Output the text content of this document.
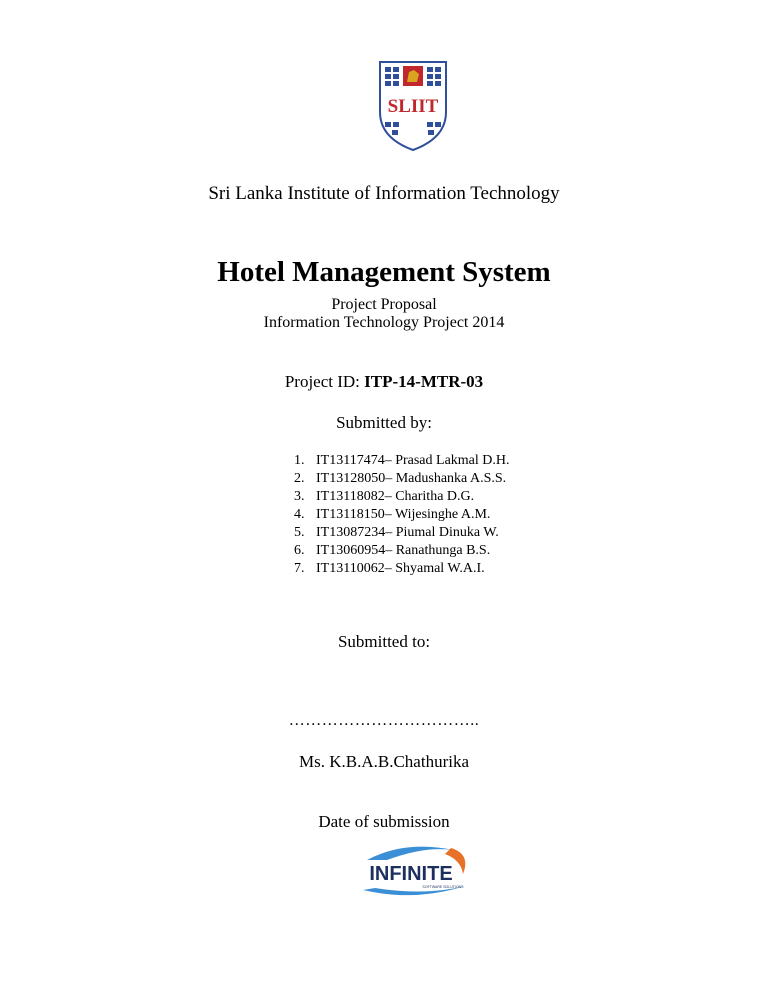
SLIIT
Sri Lanka Institute of Information Technology
Hotel Management System
Project Proposal
Information Technology Project 2014
Project ID: ITP-14-MTR-03
Submitted by:
1. IT13117474– Prasad Lakmal D.H.
2. IT13128050– Madushanka A.S.S.
3. IT13118082– Charitha D.G.
4. IT13118150– Wijesinghe A.M.
5. IT13087234– Piumal Dinuka W.
6. IT13060954– Ranathunga B.S.
7. IT13110062– Shyamal W.A.I.
Submitted to:
……………………………..
Ms. K.B.A.B.Chathurika
Date of submission
INFINITE
SOFTWARE SOLUTIONS
